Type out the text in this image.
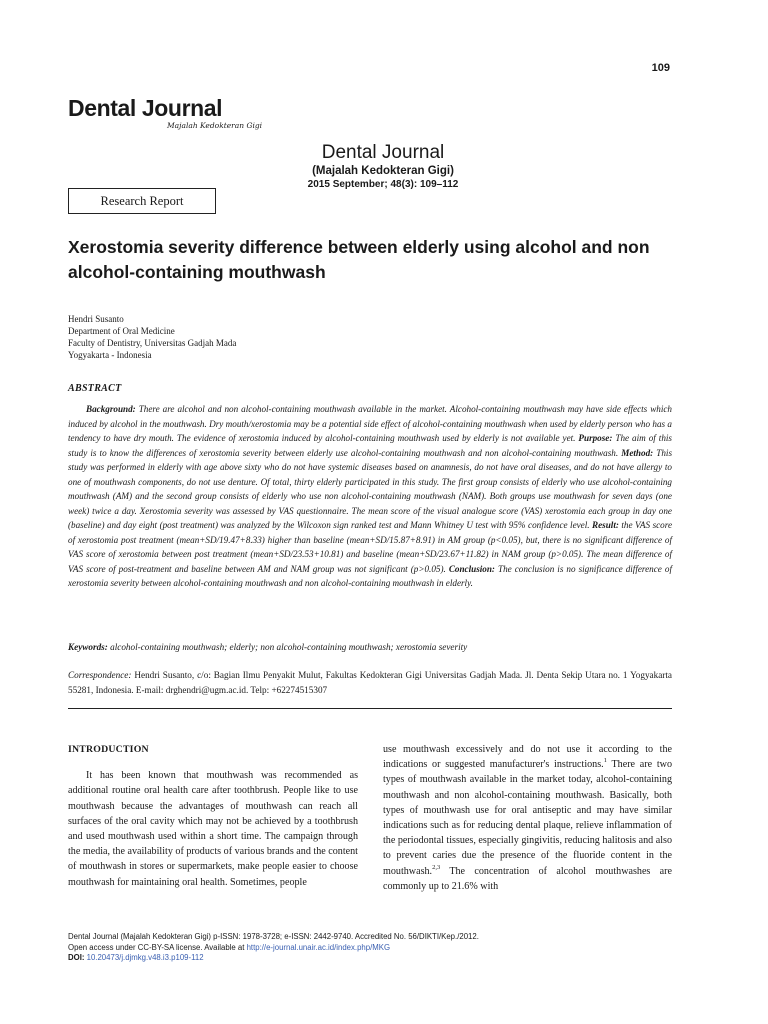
109
Dental Journal
Majalah Kedokteran Gigi
Dental Journal
(Majalah Kedokteran Gigi)
2015 September; 48(3): 109–112
Research Report
Xerostomia severity difference between elderly using alcohol and non alcohol-containing mouthwash
Hendri Susanto
Department of Oral Medicine
Faculty of Dentistry, Universitas Gadjah Mada
Yogyakarta - Indonesia
ABSTRACT
Background: There are alcohol and non alcohol-containing mouthwash available in the market. Alcohol-containing mouthwash may have side effects which induced by alcohol in the mouthwash. Dry mouth/xerostomia may be a potential side effect of alcohol-containing mouthwash when used by elderly person who has a tendency to have dry mouth. The evidence of xerostomia induced by alcohol-containing mouthwash used by elderly is not available yet. Purpose: The aim of this study is to know the differences of xerostomia severity between elderly use alcohol-containing mouthwash and non alcohol-containing mouthwash. Method: This study was performed in elderly with age above sixty who do not have systemic diseases based on anamnesis, do not have oral diseases, and do not have allergy to one of mouthwash components, do not use denture. Of total, thirty elderly participated in this study. The first group consists of elderly who use alcohol-containing mouthwash (AM) and the second group consists of elderly who use non alcohol-containing mouthwash (NAM). Both groups use mouthwash for seven days (one week) twice a day. Xerostomia severity was assessed by VAS questionnaire. The mean score of the visual analogue score (VAS) xerostomia each group in day one (baseline) and day eight (post treatment) was analyzed by the Wilcoxon sign ranked test and Mann Whitney U test with 95% confidence level. Result: the VAS score of xerostomia post treatment (mean+SD/19.47+8.33) higher than baseline (mean+SD/15.87+8.91) in AM group (p<0.05), but, there is no significant difference of VAS score of xerostomia between post treatment (mean+SD/23.53+10.81) and baseline (mean+SD/23.67+11.82) in NAM group (p>0.05). The mean difference of VAS score of post-treatment and baseline between AM and NAM group was not significant (p>0.05). Conclusion: The conclusion is no significance difference of xerostomia severity between alcohol-containing mouthwash and non alcohol-containing mouthwash in elderly.
Keywords: alcohol-containing mouthwash; elderly; non alcohol-containing mouthwash; xerostomia severity
Correspondence: Hendri Susanto, c/o: Bagian Ilmu Penyakit Mulut, Fakultas Kedokteran Gigi Universitas Gadjah Mada. Jl. Denta Sekip Utara no. 1 Yogyakarta 55281, Indonesia. E-mail: drghendri@ugm.ac.id. Telp: +62274515307
INTRODUCTION
It has been known that mouthwash was recommended as additional routine oral health care after toothbrush. People like to use mouthwash because the advantages of mouthwash can reach all surfaces of the oral cavity which may not be achieved by a toothbrush and used mouthwash used within a short time. The campaign through the media, the availability of products of various brands and the content of mouthwash in stores or supermarkets, make people easier to choose mouthwash for maintaining oral health. Sometimes, people
use mouthwash excessively and do not use it according to the indications or suggested manufacturer's instructions.$^1$ There are two types of mouthwash available in the market today, alcohol-containing mouthwash and non alcohol-containing mouthwash. Basically, both types of mouthwash use for oral antiseptic and may have similar indications such as for reducing dental plaque, relieve inflammation of the periodontal tissues, especially gingivitis, reducing halitosis and also to prevent caries due the presence of the fluoride content in the mouthwash.$^{2,3}$ The concentration of alcohol mouthwashes are commonly up to 21.6% with
Dental Journal (Majalah Kedokteran Gigi) p-ISSN: 1978-3728; e-ISSN: 2442-9740. Accredited No. 56/DIKTI/Kep./2012.
Open access under CC-BY-SA license. Available at http://e-journal.unair.ac.id/index.php/MKG
DOI: 10.20473/j.djmkg.v48.i3.p109-112
